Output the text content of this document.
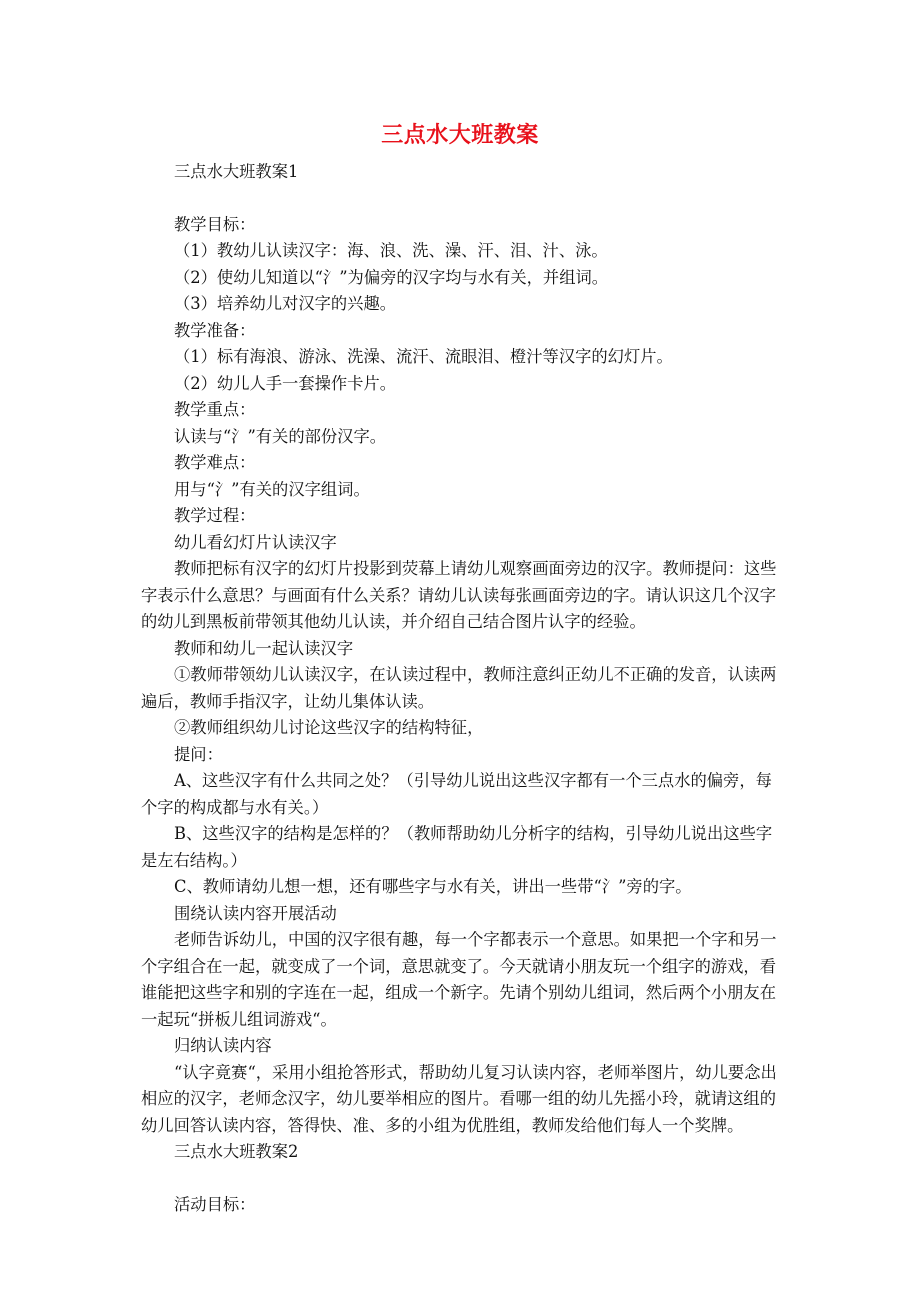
三点水大班教案

三点水大班教案1

教学目标：

（1）教幼儿认读汉字：海、浪、洗、澡、汗、泪、汁、泳。

（2）使幼儿知道以“氵”为偏旁的汉字均与水有关，并组词。

（3）培养幼儿对汉字的兴趣。

教学准备：

（1）标有海浪、游泳、洗澡、流汗、流眼泪、橙汁等汉字的幻灯片。

（2）幼儿人手一套操作卡片。

教学重点：

认读与“氵”有关的部份汉字。

教学难点：

用与“氵”有关的汉字组词。

教学过程：

幼儿看幻灯片认读汉字

教师把标有汉字的幻灯片投影到荧幕上请幼儿观察画面旁边的汉字。教师提问：这些字表示什么意思？与画面有什么关系？请幼儿认读每张画面旁边的字。请认识这几个汉字的幼儿到黑板前带领其他幼儿认读，并介绍自己结合图片认字的经验。

教师和幼儿一起认读汉字

①教师带领幼儿认读汉字，在认读过程中，教师注意纠正幼儿不正确的发音，认读两遍后，教师手指汉字，让幼儿集体认读。

②教师组织幼儿讨论这些汉字的结构特征，

提问：

A、这些汉字有什么共同之处？（引导幼儿说出这些汉字都有一个三点水的偏旁，每个字的构成都与水有关。）

B、这些汉字的结构是怎样的？（教师帮助幼儿分析字的结构，引导幼儿说出这些字是左右结构。）

C、教师请幼儿想一想，还有哪些字与水有关，讲出一些带“氵”旁的字。

围绕认读内容开展活动

老师告诉幼儿，中国的汉字很有趣，每一个字都表示一个意思。如果把一个字和另一个字组合在一起，就变成了一个词，意思就变了。今天就请小朋友玩一个组字的游戏，看谁能把这些字和别的字连在一起，组成一个新字。先请个别幼儿组词，然后两个小朋友在一起玩“拼板儿组词游戏“。

归纳认读内容

“认字竟赛“，采用小组抢答形式，帮助幼儿复习认读内容，老师举图片，幼儿要念出相应的汉字，老师念汉字，幼儿要举相应的图片。看哪一组的幼儿先摇小玲，就请这组的幼儿回答认读内容，答得快、准、多的小组为优胜组，教师发给他们每人一个奖牌。

三点水大班教案2

活动目标：
